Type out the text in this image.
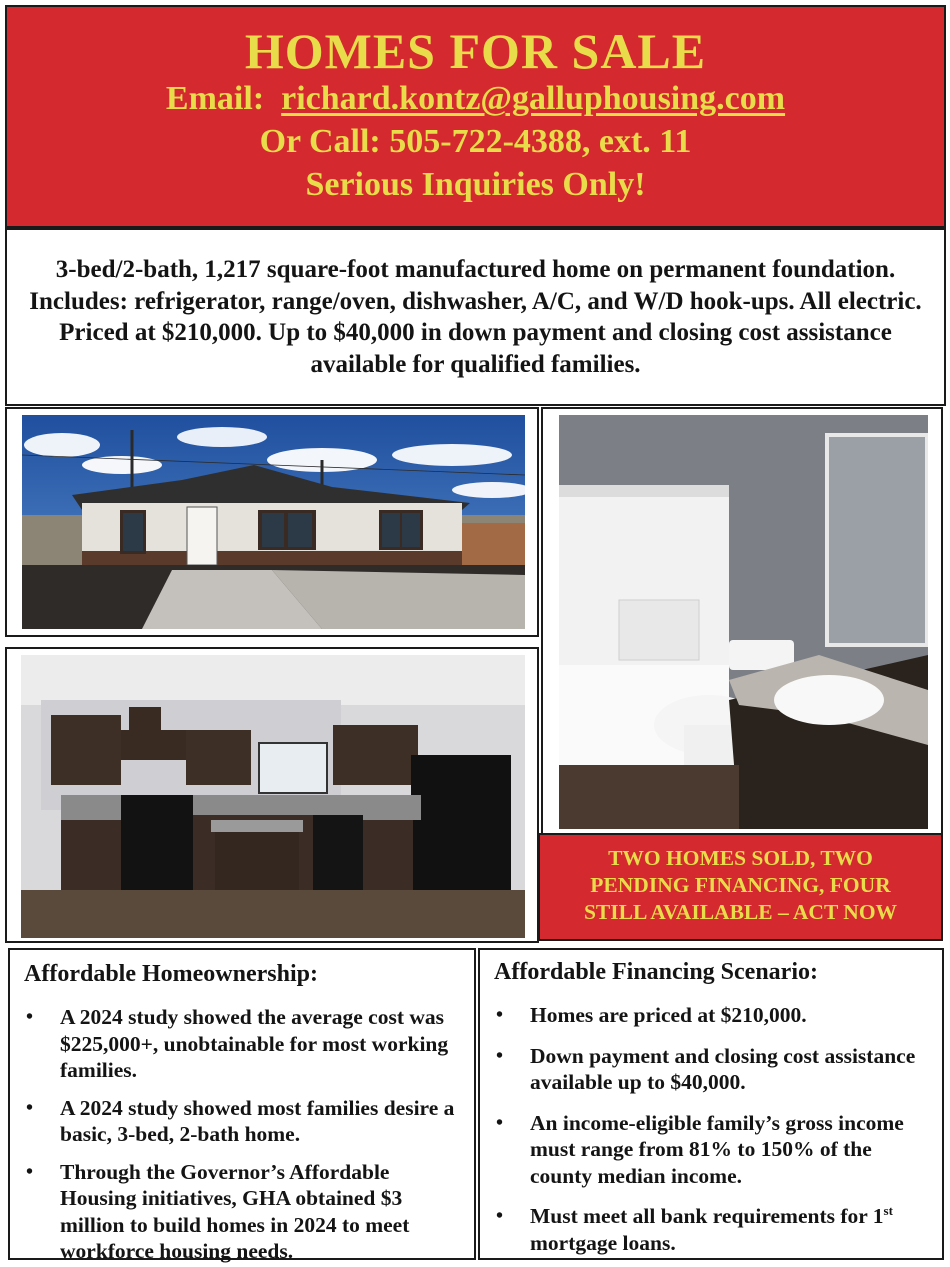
HOMES FOR SALE
Email: richard.kontz@galluphousing.com
Or Call: 505-722-4388, ext. 11
Serious Inquiries Only!
3-bed/2-bath, 1,217 square-foot manufactured home on permanent foundation. Includes: refrigerator, range/oven, dishwasher, A/C, and W/D hook-ups. All electric. Priced at $210,000. Up to $40,000 in down payment and closing cost assistance available for qualified families.
TWO HOMES SOLD, TWO
PENDING FINANCING, FOUR
STILL AVAILABLE – ACT NOW
Affordable Homeownership:
• A 2024 study showed the average cost was $225,000+, unobtainable for most working families.
• A 2024 study showed most families desire a basic, 3-bed, 2-bath home.
• Through the Governor’s Affordable Housing initiatives, GHA obtained $3 million to build homes in 2024 to meet workforce housing needs.
Affordable Financing Scenario:
• Homes are priced at $210,000.
• Down payment and closing cost assistance available up to $40,000.
• An income-eligible family’s gross income must range from 81% to 150% of the county median income.
• Must meet all bank requirements for 1st mortgage loans.
